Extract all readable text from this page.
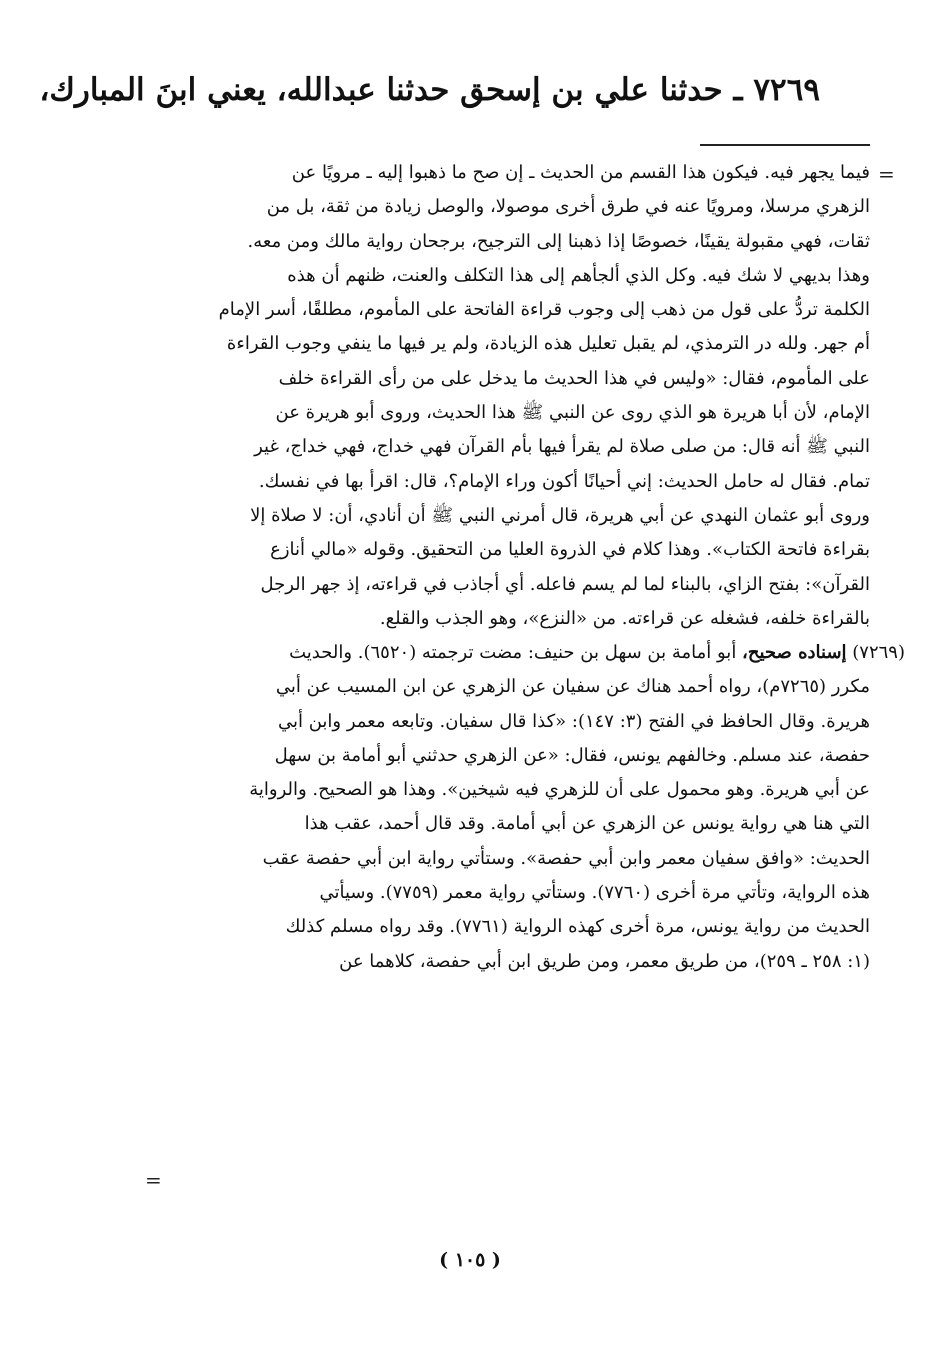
٧٢٦٩ ـ حدثنا علي بن إسحق حدثنا عبدالله، يعني ابنَ المبارك،
=
فيما يجهر فيه. فيكون هذا القسم من الحديث ـ إن صح ما ذهبوا إليه ـ مرويًا عن
الزهري مرسلا، ومرويًا عنه في طرق أخرى موصولا، والوصل زيادة من ثقة، بل من
ثقات، فهي مقبولة يقينًا، خصوصًا إذا ذهبنا إلى الترجيح، برجحان رواية مالك ومن معه.
وهذا بديهي لا شك فيه. وكل الذي ألجأهم إلى هذا التكلف والعنت، ظنهم أن هذه
الكلمة تردُّ على قول من ذهب إلى وجوب قراءة الفاتحة على المأموم، مطلقًا، أسر الإمام
أم جهر. ولله در الترمذي، لم يقبل تعليل هذه الزيادة، ولم ير فيها ما ينفي وجوب القراءة
على المأموم، فقال: «وليس في هذا الحديث ما يدخل على من رأى القراءة خلف
الإمام، لأن أبا هريرة هو الذي روى عن النبي ﷺ هذا الحديث، وروى أبو هريرة عن
النبي ﷺ أنه قال: من صلى صلاة لم يقرأ فيها بأم القرآن فهي خداج، فهي خداج، غير
تمام. فقال له حامل الحديث: إني أحيانًا أكون وراء الإمام؟، قال: اقرأ بها في نفسك.
وروى أبو عثمان النهدي عن أبي هريرة، قال أمرني النبي ﷺ أن أنادي، أن: لا صلاة إلا
بقراءة فاتحة الكتاب». وهذا كلام في الذروة العليا من التحقيق. وقوله «مالي أنازع
القرآن»: بفتح الزاي، بالبناء لما لم يسم فاعله. أي أجاذب في قراءته، إذ جهر الرجل
بالقراءة خلفه، فشغله عن قراءته. من «النزع»، وهو الجذب والقلع.
(٧٢٦٩) إسناده صحيح، أبو أمامة بن سهل بن حنيف: مضت ترجمته (٦٥٢٠). والحديث
مكرر (٧٢٦٥م)، رواه أحمد هناك عن سفيان عن الزهري عن ابن المسيب عن أبي
هريرة. وقال الحافظ في الفتح (٣: ١٤٧): «كذا قال سفيان. وتابعه معمر وابن أبي
حفصة، عند مسلم. وخالفهم يونس، فقال: «عن الزهري حدثني أبو أمامة بن سهل
عن أبي هريرة. وهو محمول على أن للزهري فيه شيخين». وهذا هو الصحيح. والرواية
التي هنا هي رواية يونس عن الزهري عن أبي أمامة. وقد قال أحمد، عقب هذا
الحديث: «وافق سفيان معمر وابن أبي حفصة». وستأتي رواية ابن أبي حفصة عقب
هذه الرواية، وتأتي مرة أخرى (٧٧٦٠). وستأتي رواية معمر (٧٧٥٩). وسيأتي
الحديث من رواية يونس، مرة أخرى كهذه الرواية (٧٧٦١). وقد رواه مسلم كذلك
(١: ٢٥٨ ـ ٢٥٩)، من طريق معمر، ومن طريق ابن أبي حفصة، كلاهما عن
=
( ١٠٥ )
